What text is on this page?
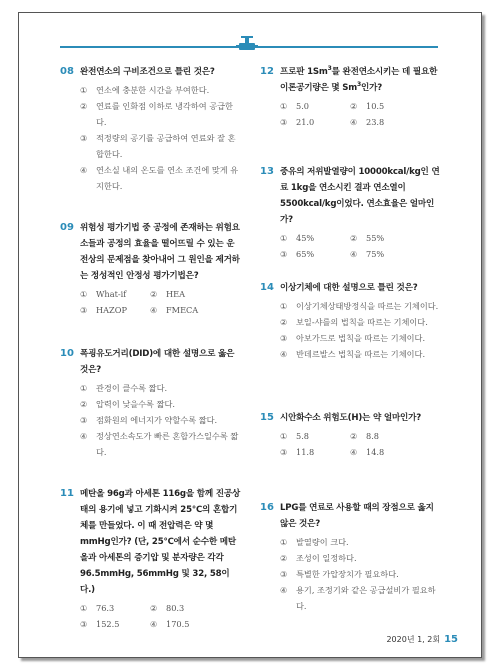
08 완전연소의 구비조건으로 틀린 것은?
①	연소에 충분한 시간을 부여한다.
②	연료를 인화점 이하로 냉각하여 공급한다.
③	적정량의 공기를 공급하여 연료와 잘 혼합한다.
④	연소실 내의 온도를 연소 조건에 맞게 유지한다.
09 위험성 평가기법 중 공정에 존재하는 위험요소들과 공정의 효율을 떨어뜨릴 수 있는 운전상의 문제점을 찾아내어 그 원인을 제거하는 정성적인 안정성 평가기법은?
①	What-if	②	HEA
③	HAZOP	④	FMECA
10 폭굉유도거리(DID)에 대한 설명으로 옳은 것은?
①	관경이 클수록 짧다.
②	압력이 낮을수록 짧다.
③	점화원의 에너지가 약할수록 짧다.
④	정상연소속도가 빠른 혼합가스일수록 짧다.
11 메탄올 96g과 아세톤 116g을 함께 진공상태의 용기에 넣고 기화시켜 25℃의 혼합기체를 만들었다. 이 때 전압력은 약 몇 mmHg인가? (단, 25℃에서 순수한 메탄올과 아세톤의 증기압 및 분자량은 각각 96.5mmHg, 56mmHg 및 32, 58이다.)
①	76.3	②	80.3
③	152.5	④	170.5
12 프로판 1Sm$^3$를 완전연소시키는 데 필요한 이론공기량은 몇 Sm$^3$인가?
①	5.0	②	10.5
③	21.0	④	23.8
13 중유의 저위발열량이 10000kcal/kg인 연료 1kg을 연소시킨 결과 연소열이 5500kcal/kg이었다. 연소효율은 얼마인가?
①	45%	②	55%
③	65%	④	75%
14 이상기체에 대한 설명으로 틀린 것은?
①	이상기체상태방정식을 따르는 기체이다.
②	보일-샤를의 법칙을 따르는 기체이다.
③	아보가드로 법칙을 따르는 기체이다.
④	반데르발스 법칙을 따르는 기체이다.
15 시안화수소 위험도(H)는 약 얼마인가?
①	5.8	②	8.8
③	11.8	④	14.8
16 LPG를 연료로 사용할 때의 장점으로 옳지 않은 것은?
①	발열량이 크다.
②	조성이 일정하다.
③	특별한 가압장치가 필요하다.
④	용기, 조정기와 같은 공급설비가 필요하다.
2020년 1, 2회 15
